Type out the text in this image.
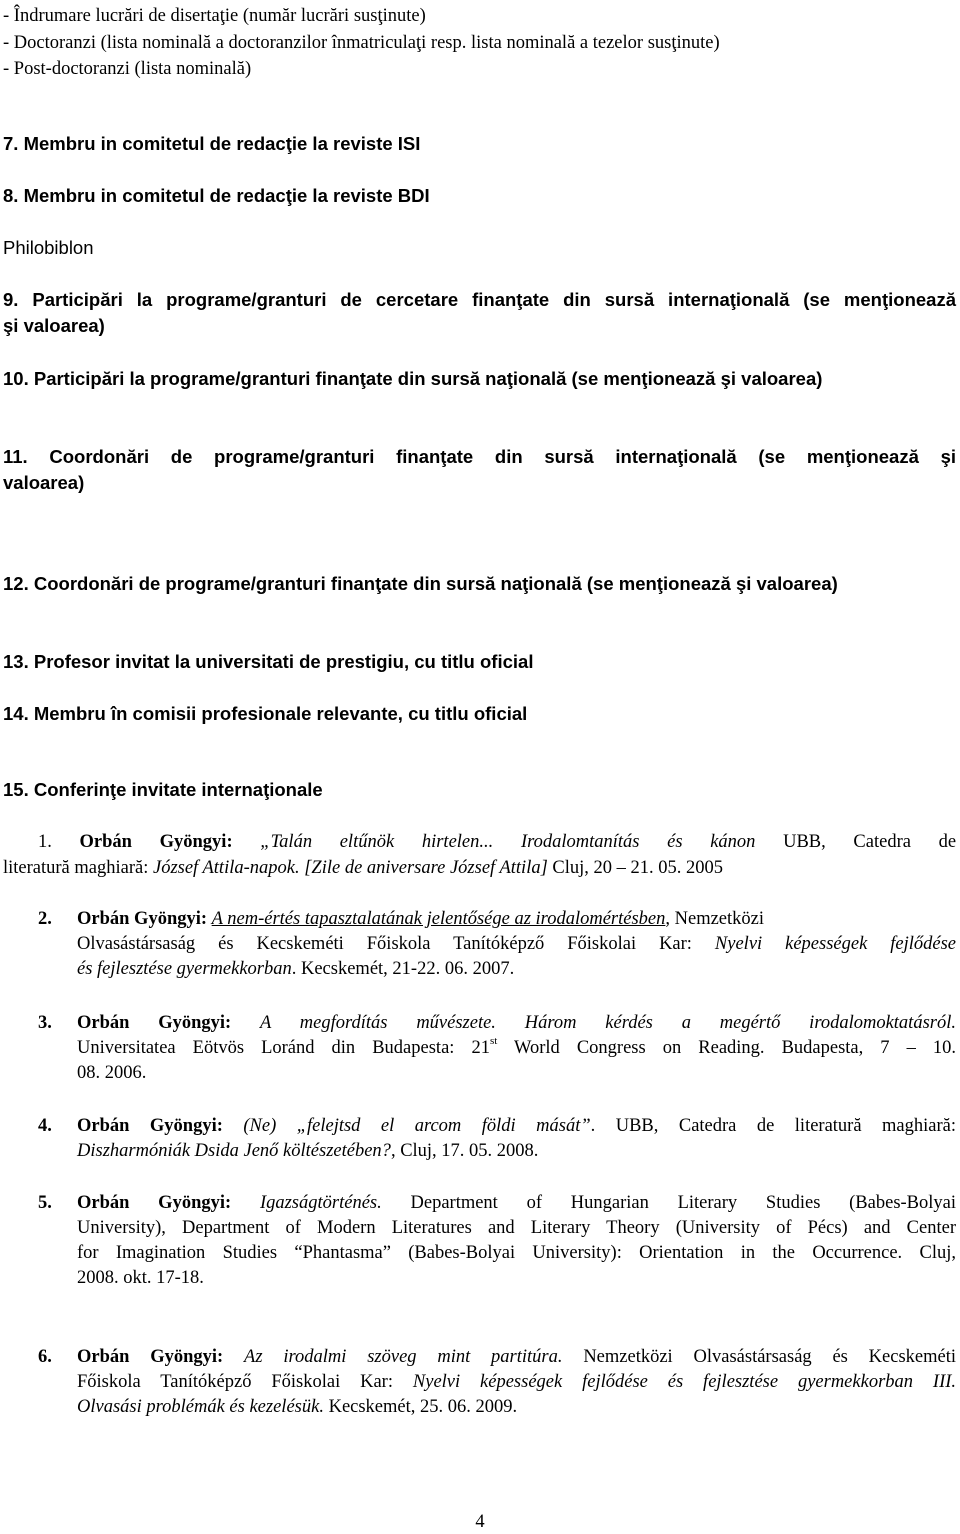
- Îndrumare lucrări de disertaţie (număr lucrări susţinute)
- Doctoranzi (lista nominală a doctoranzilor înmatriculaţi resp. lista nominală a tezelor susţinute)
- Post-doctoranzi (lista nominală)
7. Membru in comitetul de redacţie la reviste ISI
8. Membru in comitetul de redacţie la reviste BDI
Philobiblon
9. Participări la programe/granturi de cercetare finanţate din sursă internaţională (se menţionează
şi valoarea)
10. Participări la programe/granturi finanţate din sursă naţională (se menţionează şi valoarea)
11. Coordonări de programe/granturi finanţate din sursă internaţională (se menţionează şi
valoarea)
12. Coordonări de programe/granturi finanţate din sursă naţională (se menţionează şi valoarea)
13. Profesor invitat la universitati de prestigiu, cu titlu oficial
14. Membru în comisii profesionale relevante, cu titlu oficial
15. Conferinţe invitate internaţionale
1. Orbán Gyöngyi: „Talán eltűnök hirtelen... Irodalomtanítás és kánon UBB, Catedra de
literatură maghiară: József Attila-napok. [Zile de aniversare József Attila] Cluj, 20 – 21. 05. 2005
2. Orbán Gyöngyi: A nem-értés tapasztalatának jelentősége az irodalomértésben, Nemzetközi
Olvasástársaság és Kecskeméti Főiskola Tanítóképző Főiskolai Kar: Nyelvi képességek fejlődése
és fejlesztése gyermekkorban. Kecskemét, 21-22. 06. 2007.
3. Orbán Gyöngyi: A megfordítás művészete. Három kérdés a megértő irodalomoktatásról.
Universitatea Eötvös Loránd din Budapesta: 21st World Congress on Reading. Budapesta, 7 – 10.
08. 2006.
4. Orbán Gyöngyi: (Ne) „felejtsd el arcom földi mását”. UBB, Catedra de literatură maghiară:
Diszharmóniák Dsida Jenő költészetében?, Cluj, 17. 05. 2008.
5. Orbán Gyöngyi: Igazságtörténés. Department of Hungarian Literary Studies (Babes-Bolyai
University), Department of Modern Literatures and Literary Theory (University of Pécs) and Center
for Imagination Studies “Phantasma” (Babes-Bolyai University): Orientation in the Occurrence. Cluj,
2008. okt. 17-18.
6. Orbán Gyöngyi: Az irodalmi szöveg mint partitúra. Nemzetközi Olvasástársaság és Kecskeméti
Főiskola Tanítóképző Főiskolai Kar: Nyelvi képességek fejlődése és fejlesztése gyermekkorban III.
Olvasási problémák és kezelésük. Kecskemét, 25. 06. 2009.
4
